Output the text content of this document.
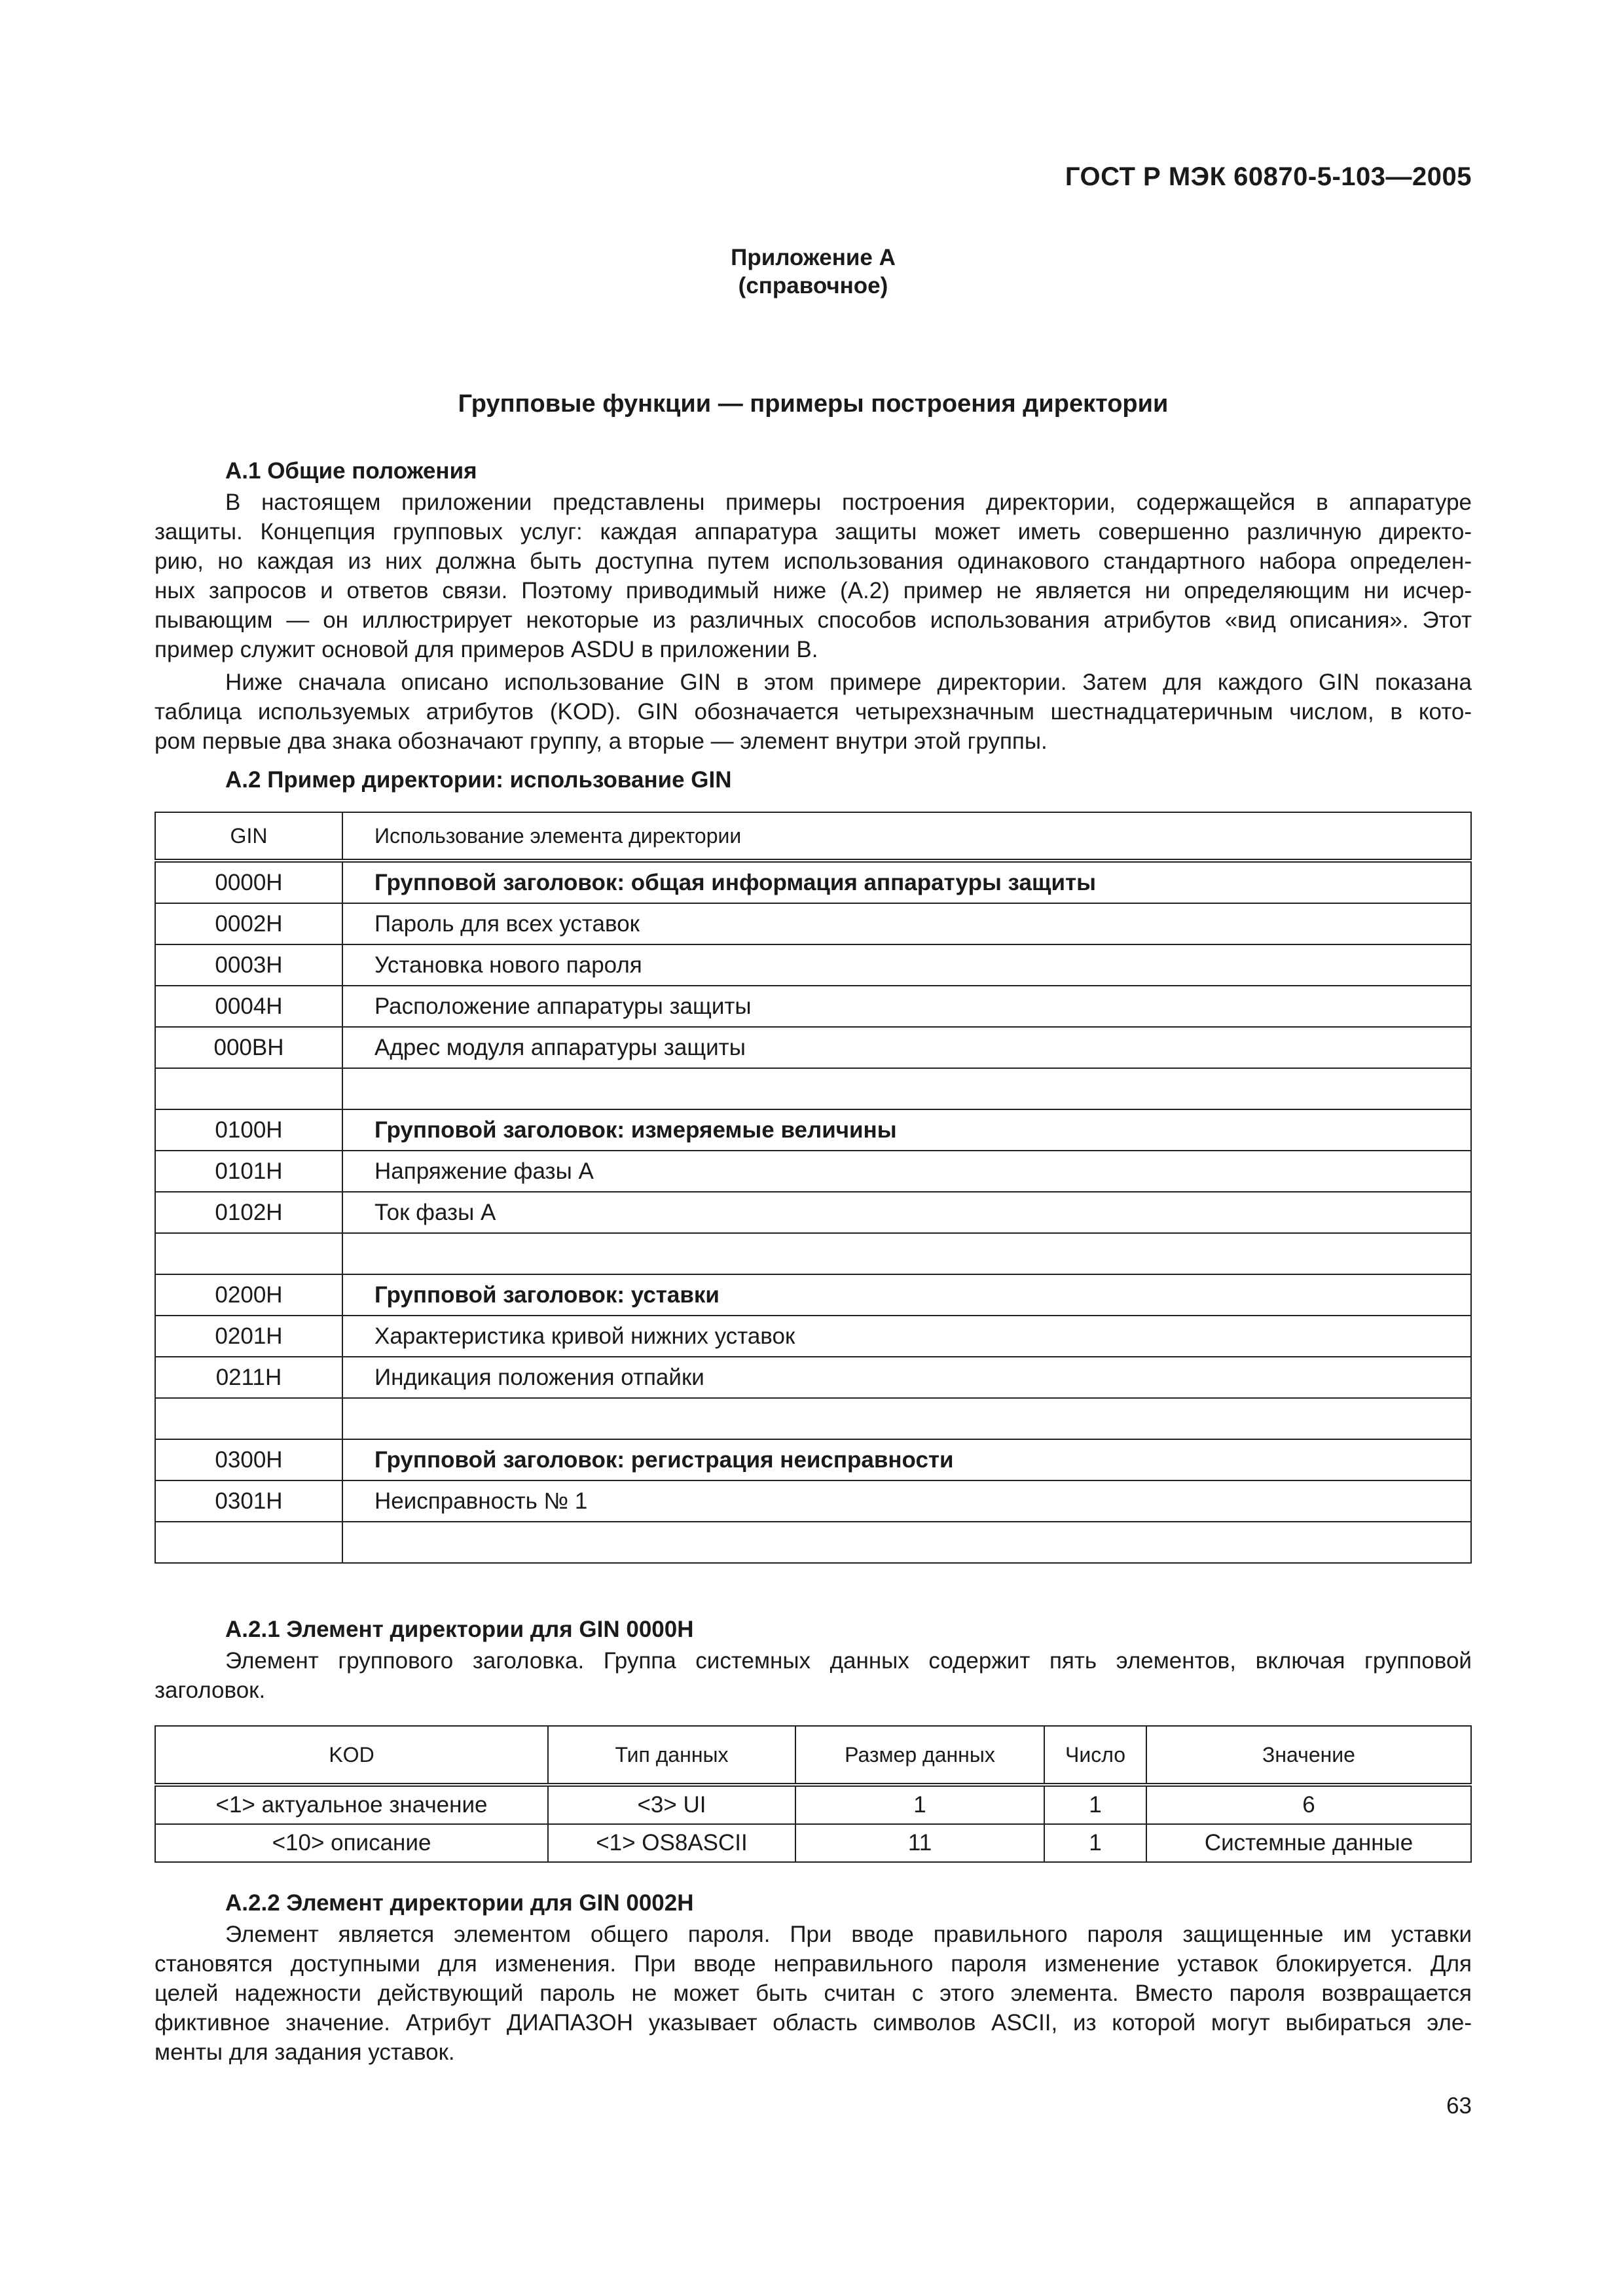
ГОСТ Р МЭК 60870-5-103—2005
Приложение А
(справочное)
Групповые функции — примеры построения директории
А.1 Общие положения
В настоящем приложении представлены примеры построения директории, содержащейся в аппаратуре
защиты. Концепция групповых услуг: каждая аппаратура защиты может иметь совершенно различную директо-
рию, но каждая из них должна быть доступна путем использования одинакового стандартного набора определен-
ных запросов и ответов связи. Поэтому приводимый ниже (А.2) пример не является ни определяющим ни исчер-
пывающим — он иллюстрирует некоторые из различных способов использования атрибутов «вид описания». Этот
пример служит основой для примеров ASDU в приложении В.
Ниже сначала описано использование GIN в этом примере директории. Затем для каждого GIN показана
таблица используемых атрибутов (KOD). GIN обозначается четырехзначным шестнадцатеричным числом, в кото-
ром первые два знака обозначают группу, а вторые — элемент внутри этой группы.
А.2 Пример директории: использование GIN
GIN	Использование элемента директории
0000H	Групповой заголовок: общая информация аппаратуры защиты
0002H	Пароль для всех уставок
0003H	Установка нового пароля
0004H	Расположение аппаратуры защиты
000BH	Адрес модуля аппаратуры защиты

0100H	Групповой заголовок: измеряемые величины
0101H	Напряжение фазы А
0102H	Ток фазы А

0200H	Групповой заголовок: уставки
0201H	Характеристика кривой нижних уставок
0211H	Индикация положения отпайки

0300H	Групповой заголовок: регистрация неисправности
0301H	Неисправность № 1

А.2.1 Элемент директории для GIN 0000H
Элемент группового заголовка. Группа системных данных содержит пять элементов, включая групповой
заголовок.
KOD	Тип данных	Размер данных	Число	Значение
<1> актуальное значение	<3> UI	1	1	6
<10> описание	<1> OS8ASCII	11	1	Системные данные
А.2.2 Элемент директории для GIN 0002H
Элемент является элементом общего пароля. При вводе правильного пароля защищенные им уставки
становятся доступными для изменения. При вводе неправильного пароля изменение уставок блокируется. Для
целей надежности действующий пароль не может быть считан с этого элемента. Вместо пароля возвращается
фиктивное значение. Атрибут ДИАПАЗОН указывает область символов ASCII, из которой могут выбираться эле-
менты для задания уставок.
63
